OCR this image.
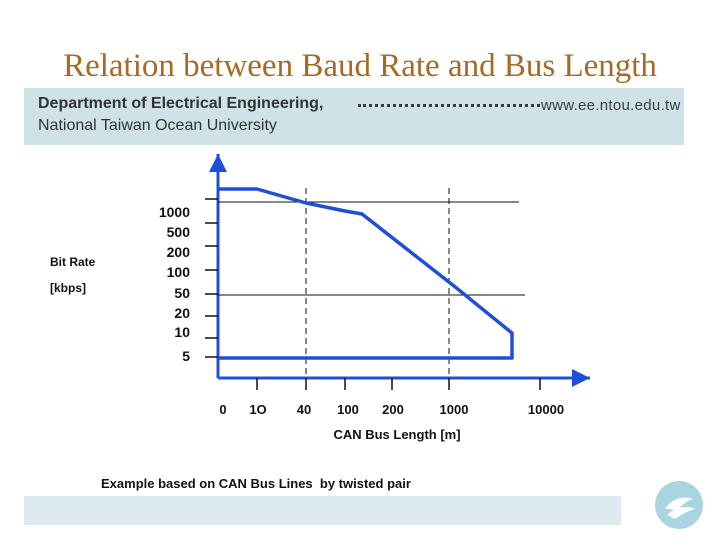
Relation between Baud Rate and Bus Length
Department of Electrical Engineering,	www.ee.ntou.edu.tw
National Taiwan Ocean University
1000
500
200
100
50
20
10
5
0 1O 40 100 200	1000	10000
Bit Rate
[kbps]
CAN Bus Length [m]
Example based on CAN Bus Lines  by twisted pair
